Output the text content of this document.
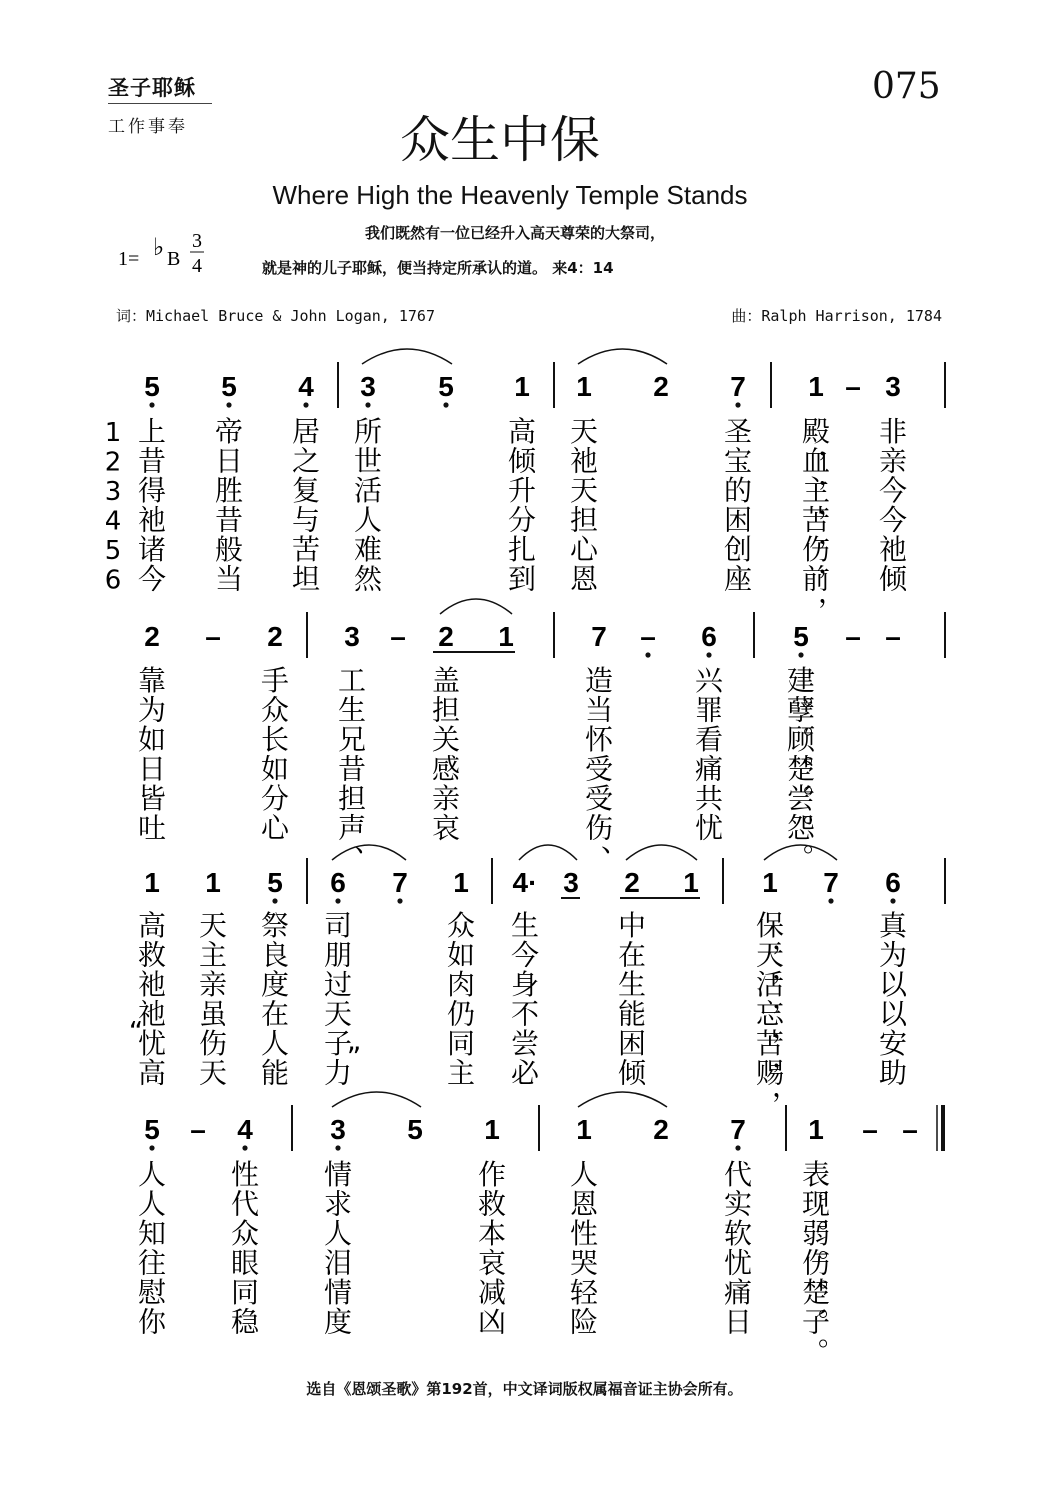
圣子耶稣
工作事奉
075
众生中保
Where High the Heavenly Temple Stands
我们既然有一位已经升入高天尊荣的大祭司，
就是神的儿子耶稣，便当持定所承认的道。 来4：14
1= ♭ B
3
4
词：Michael Bruce & John Logan, 1767	曲：Ralph Harrison, 1784
1
2
3
4
5
6
5 5 4 3 5 1 1 2 7 1 – 3
上
昔
得
祂
诸
今
帝
日
胜
昔
般
当
居
之
复
与
苦
坦
所
世
活
人
难
然
高
倾
升
分
扎
到
天
祂
天
担
心
恩
圣
宝
的
困
创
座
殿
，
血
，
主
，
苦
，
伤
，
前
，
非
亲
今
今
祂
倾
2 – 2 3 – 2 1	7 – 6	5 – –
靠
为
如
日
皆
吐
手
众
长
如
分
心
工
生
兄
昔
担
声
、
盖
担
关
感
亲
哀
造
当
怀
受
受
伤
、
兴
罪
看
痛
共
忧
建
。
孽
。
顾
。
楚
。
尝
。
怨
。
1 1 5 6 7 1 4· 3 2 1 1 7 6
高
救
祂
祂
“
忧
高
天
主
亲
虽
伤
天
祭
良
度
在
人
能
司
朋
过
天
子
”
力
众
如
肉
仍
同
主
生
今
身
不
尝
必
中
在
生
能
困
倾
保
，
天
，
活
，
忘
，
苦
，
赐
，
真
为
以
以
安
助
5 – 4	3 5 1	1 2 7 1 – –
人
人
知
往
慰
你
性
代
众
眼
同
稳
情
求
人
泪
情
度
作
救
本
哀
减
凶
人
恩
性
哭
轻
险
代
实
软
忧
痛
日
表
。
现
。
弱
。
伤
。
楚
。
子
。
选自《恩颂圣歌》第192首，中文译词版权属福音证主协会所有。
